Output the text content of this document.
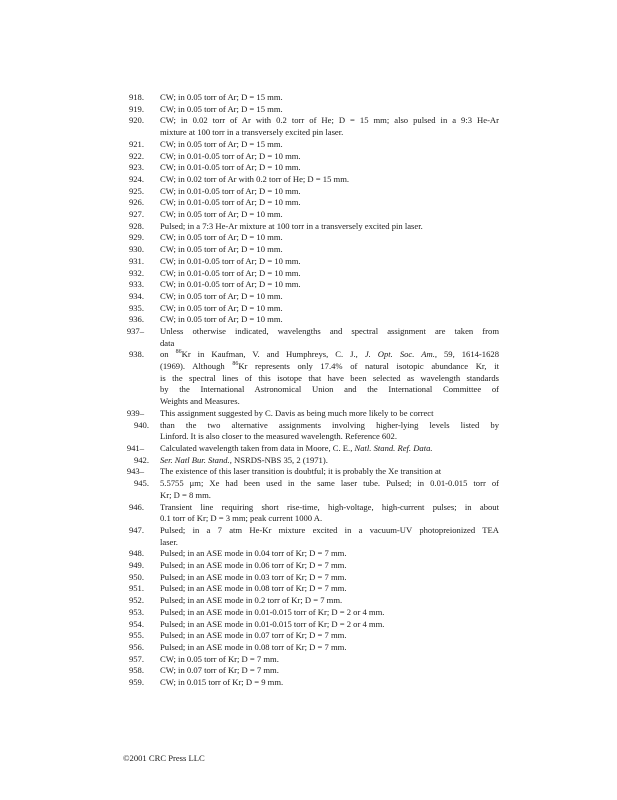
918. CW; in 0.05 torr of Ar; D = 15 mm.
919. CW; in 0.05 torr of Ar; D = 15 mm.
920. CW; in 0.02 torr of Ar with 0.2 torr of He; D = 15 mm; also pulsed in a 9:3 He-Ar
mixture at 100 torr in a transversely excited pin laser.
921. CW; in 0.05 torr of Ar; D = 15 mm.
922. CW; in 0.01-0.05 torr of Ar; D = 10 mm.
923. CW; in 0.01-0.05 torr of Ar; D = 10 mm.
924. CW; in 0.02 torr of Ar with 0.2 torr of He; D = 15 mm.
925. CW; in 0.01-0.05 torr of Ar; D = 10 mm.
926. CW; in 0.01-0.05 torr of Ar; D = 10 mm.
927. CW; in 0.05 torr of Ar; D = 10 mm.
928. Pulsed; in a 7:3 He-Ar mixture at 100 torr in a transversely excited pin laser.
929. CW; in 0.05 torr of Ar; D = 10 mm.
930. CW; in 0.05 torr of Ar; D = 10 mm.
931. CW; in 0.01-0.05 torr of Ar; D = 10 mm.
932. CW; in 0.01-0.05 torr of Ar; D = 10 mm.
933. CW; in 0.01-0.05 torr of Ar; D = 10 mm.
934. CW; in 0.05 torr of Ar; D = 10 mm.
935. CW; in 0.05 torr of Ar; D = 10 mm.
936. CW; in 0.05 torr of Ar; D = 10 mm.
937– Unless otherwise indicated, wavelengths and spectral assignment are taken from
data
938. on $^{86}$Kr in Kaufman, V. and Humphreys, C. J., J. Opt. Soc. Am., 59, 1614-1628
(1969). Although $^{86}$Kr represents only 17.4% of natural isotopic abundance Kr, it
is the spectral lines of this isotope that have been selected as wavelength standards
by the International Astronomical Union and the International Committee of
Weights and Measures.
939– This assignment suggested by C. Davis as being much more likely to be correct
940. than the two alternative assignments involving higher-lying levels listed by
Linford. It is also closer to the measured wavelength. Reference 602.
941– Calculated wavelength taken from data in Moore, C. E., Natl. Stand. Ref. Data.
942. Ser. Natl Bur. Stand., NSRDS-NBS 35, 2 (1971).
943– The existence of this laser transition is doubtful; it is probably the Xe transition at
945. 5.5755 μm; Xe had been used in the same laser tube. Pulsed; in 0.01-0.015 torr of
Kr; D = 8 mm.
946. Transient line requiring short rise-time, high-voltage, high-current pulses; in about
0.1 torr of Kr; D = 3 mm; peak current 1000 A.
947. Pulsed; in a 7 atm He-Kr mixture excited in a vacuum-UV photopreionized TEA
laser.
948. Pulsed; in an ASE mode in 0.04 torr of Kr; D = 7 mm.
949. Pulsed; in an ASE mode in 0.06 torr of Kr; D = 7 mm.
950. Pulsed; in an ASE mode in 0.03 torr of Kr; D = 7 mm.
951. Pulsed; in an ASE mode in 0.08 torr of Kr; D = 7 mm.
952. Pulsed; in an ASE mode in 0.2 torr of Kr; D = 7 mm.
953. Pulsed; in an ASE mode in 0.01-0.015 torr of Kr; D = 2 or 4 mm.
954. Pulsed; in an ASE mode in 0.01-0.015 torr of Kr; D = 2 or 4 mm.
955. Pulsed; in an ASE mode in 0.07 torr of Kr; D = 7 mm.
956. Pulsed; in an ASE mode in 0.08 torr of Kr; D = 7 mm.
957. CW; in 0.05 torr of Kr; D = 7 mm.
958. CW; in 0.07 torr of Kr; D = 7 mm.
959. CW; in 0.015 torr of Kr; D = 9 mm.
©2001 CRC Press LLC
